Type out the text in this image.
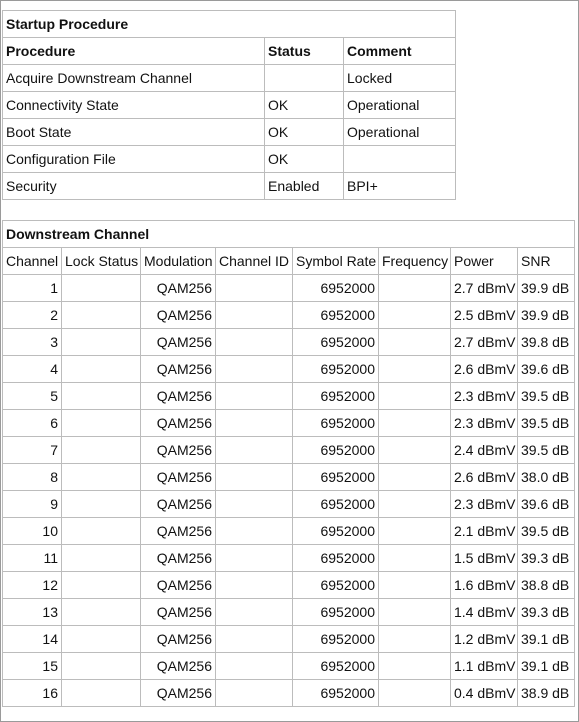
Startup Procedure		
Procedure	Status	Comment
Acquire Downstream Channel		Locked
Connectivity State	OK	Operational
Boot State	OK	Operational
Configuration File	OK	
Security	Enabled	BPI+
Downstream Channel							
Channel	Lock Status	Modulation	Channel ID	Symbol Rate	Frequency	Power	SNR
1		QAM256		6952000		2.7 dBmV	39.9 dB
2		QAM256		6952000		2.5 dBmV	39.9 dB
3		QAM256		6952000		2.7 dBmV	39.8 dB
4		QAM256		6952000		2.6 dBmV	39.6 dB
5		QAM256		6952000		2.3 dBmV	39.5 dB
6		QAM256		6952000		2.3 dBmV	39.5 dB
7		QAM256		6952000		2.4 dBmV	39.5 dB
8		QAM256		6952000		2.6 dBmV	38.0 dB
9		QAM256		6952000		2.3 dBmV	39.6 dB
10		QAM256		6952000		2.1 dBmV	39.5 dB
11		QAM256		6952000		1.5 dBmV	39.3 dB
12		QAM256		6952000		1.6 dBmV	38.8 dB
13		QAM256		6952000		1.4 dBmV	39.3 dB
14		QAM256		6952000		1.2 dBmV	39.1 dB
15		QAM256		6952000		1.1 dBmV	39.1 dB
16		QAM256		6952000		0.4 dBmV	38.9 dB
